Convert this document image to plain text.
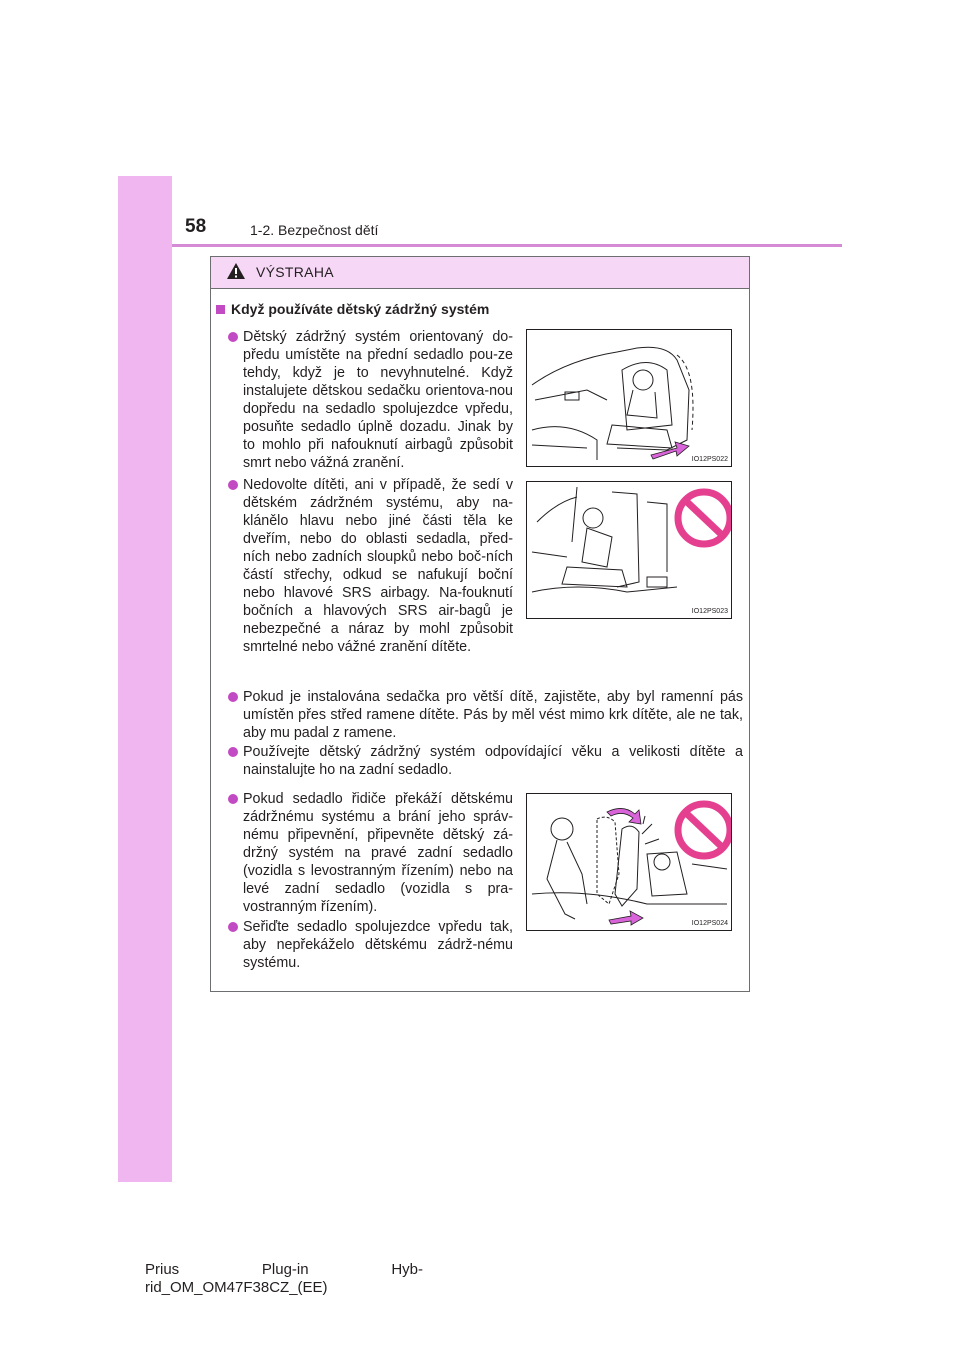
58	1-2. Bezpečnost dětí
VÝSTRAHA
Když používáte dětský zádržný systém
Dětský zádržný systém orientovaný do-předu umístěte na přední sedadlo pou-ze tehdy, když je to nevyhnutelné. Když instalujete dětskou sedačku orientova-nou dopředu na sedadlo spolujezdce vpředu, posuňte sedadlo úplně dozadu. Jinak by to mohlo při nafouknutí airbagů způsobit smrt nebo vážná zranění.
Nedovolte dítěti, ani v případě, že sedí v dětském zádržném systému, aby na-klánělo hlavu nebo jiné části těla ke dveřím, nebo do oblasti sedadla, před-ních nebo zadních sloupků nebo boč-ních částí střechy, odkud se nafukují boční nebo hlavové SRS airbagy. Na-fouknutí bočních a hlavových SRS air-bagů je nebezpečné a náraz by mohl způsobit smrtelné nebo vážné zranění dítěte.
Pokud je instalována sedačka pro větší dítě, zajistěte, aby byl ramenní pás umístěn přes střed ramene dítěte. Pás by měl vést mimo krk dítěte, ale ne tak, aby mu padal z ramene.
Používejte dětský zádržný systém odpovídající věku a velikosti dítěte a nainstalujte ho na zadní sedadlo.
Pokud sedadlo řidiče překáží dětskému zádržnému systému a brání jeho správ-nému připevnění, připevněte dětský zá-držný systém na pravé zadní sedadlo (vozidla s levostranným řízením) nebo na levé zadní sedadlo (vozidla s pra-vostranným řízením).
Seřiďte sedadlo spolujezdce vpředu tak, aby nepřekáželo dětskému zádrž-nému systému.
IO12PS022
IO12PS023
IO12PS024
Prius	Plug-in	Hyb-
rid_OM_OM47F38CZ_(EE)
